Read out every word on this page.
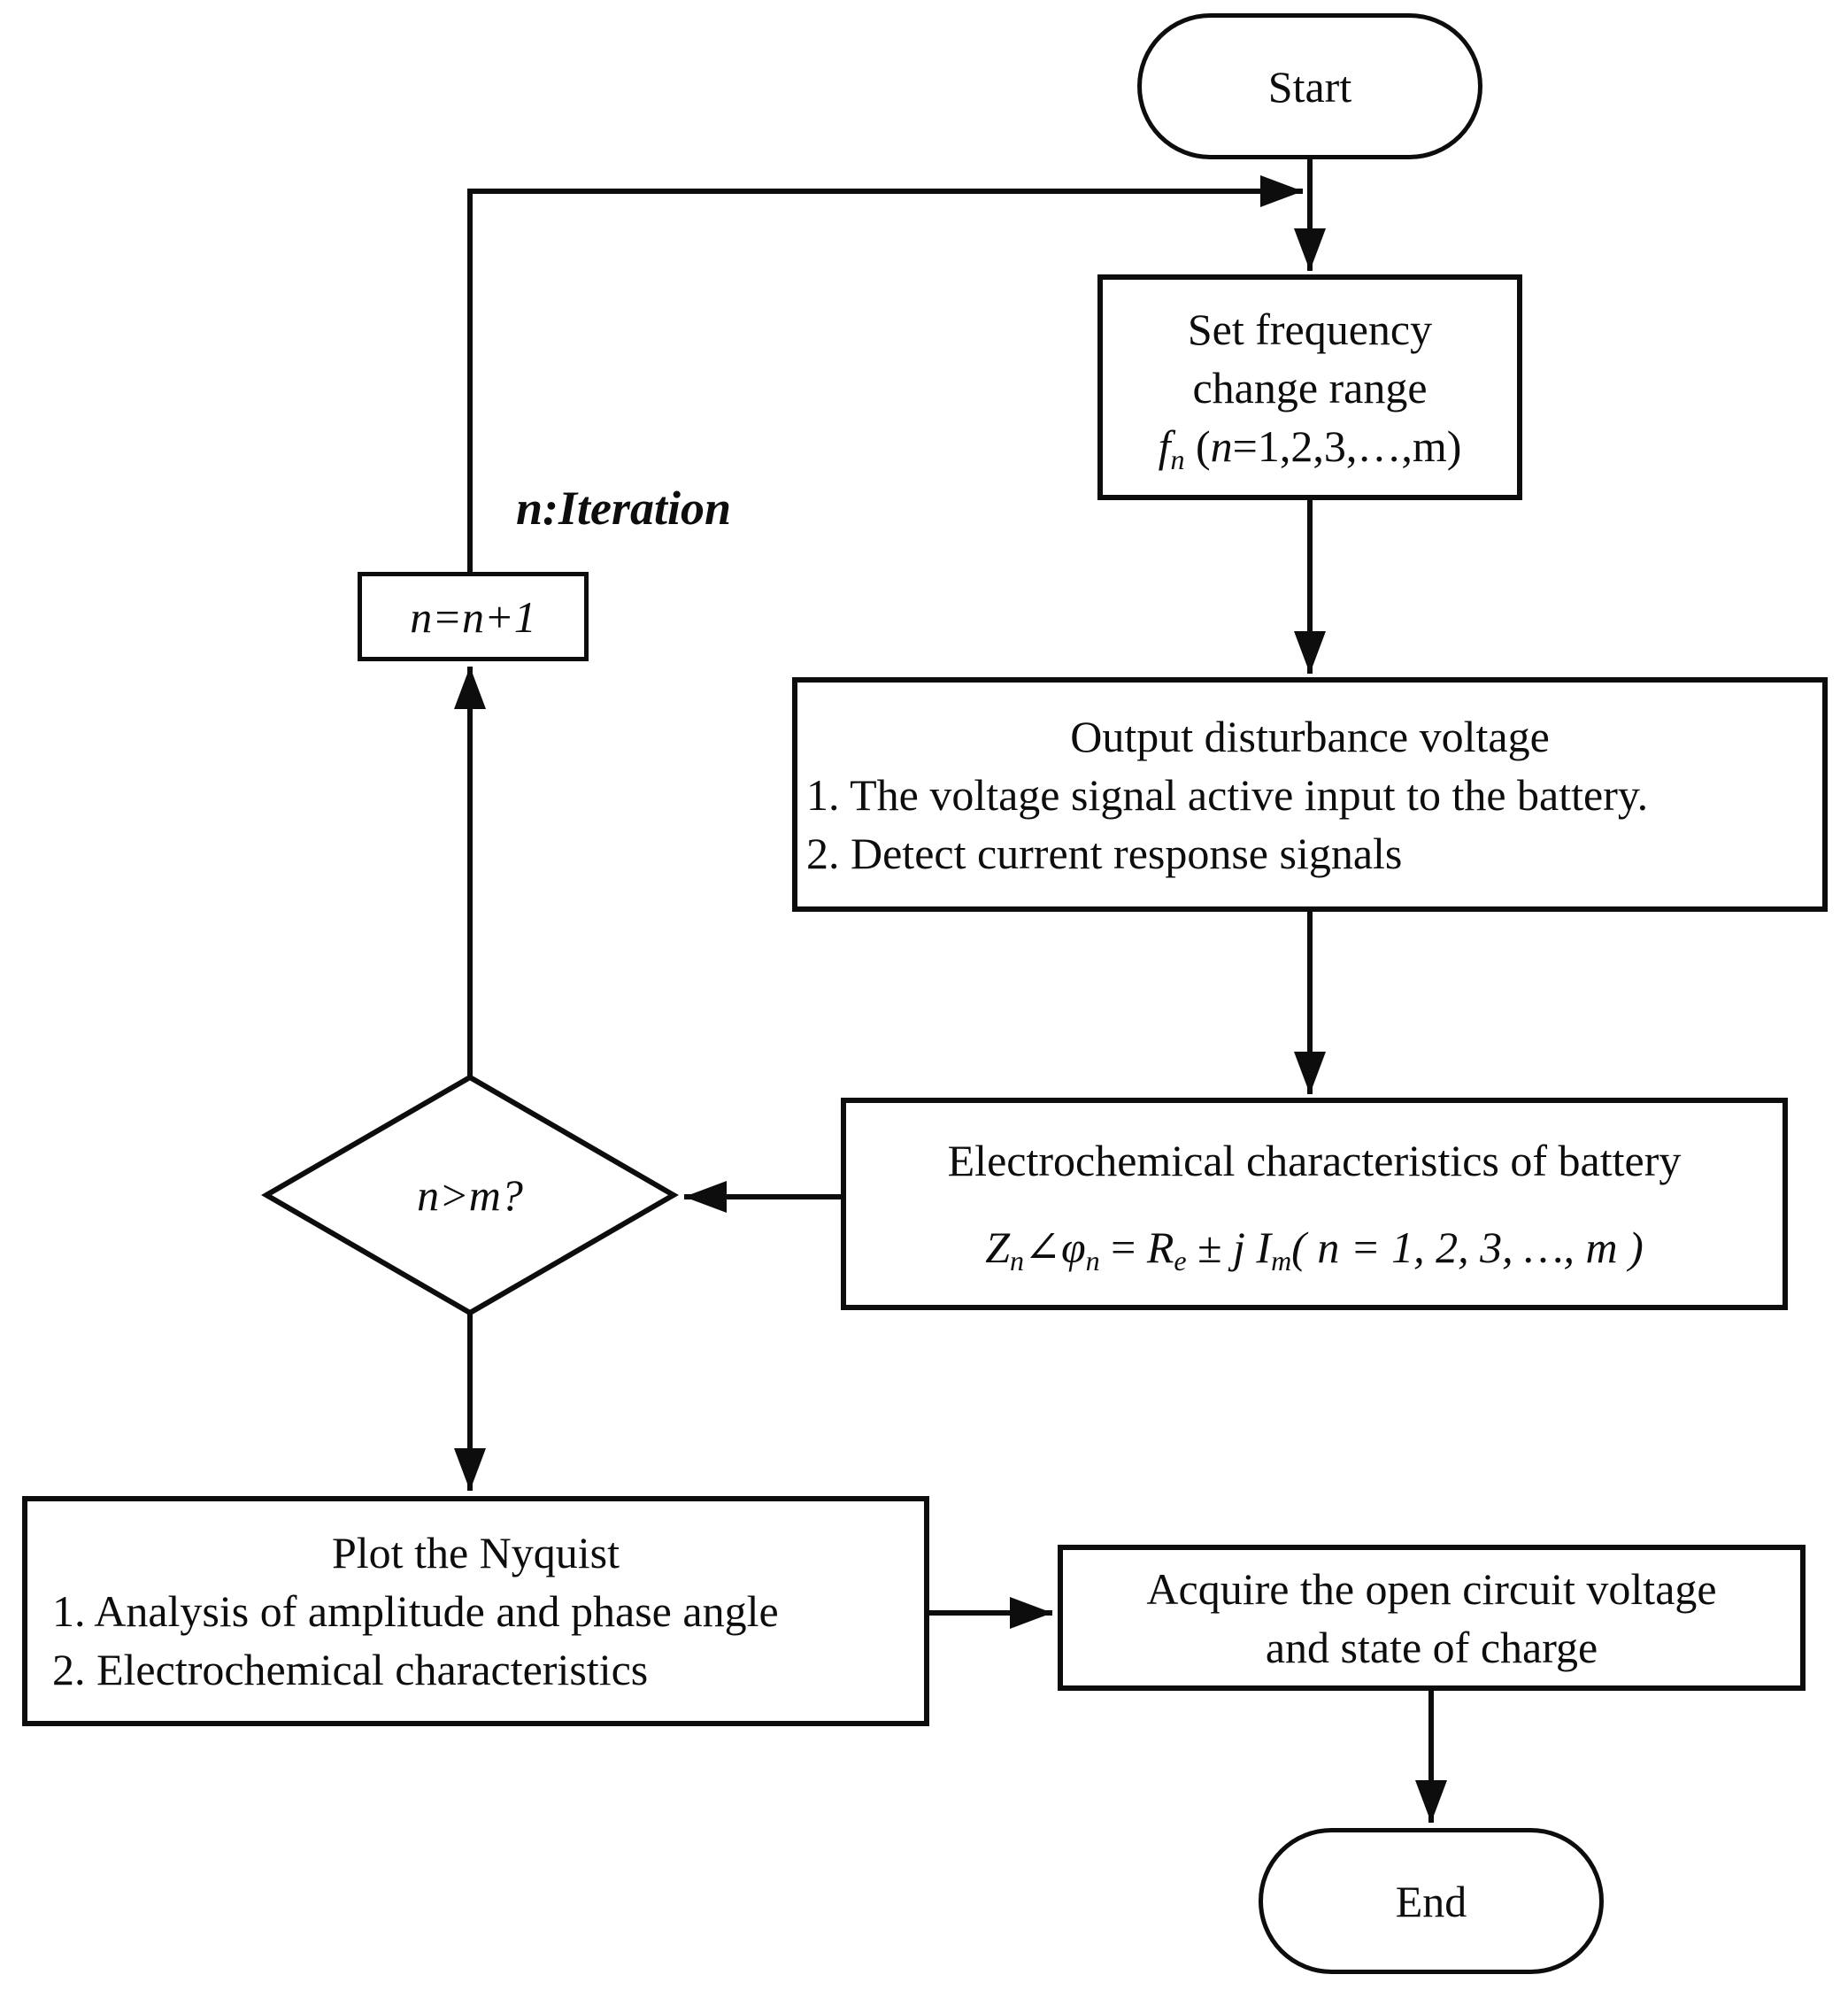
Start
Set frequency
change range
$f_n$ (n=1,2,3,…,m)
Output disturbance voltage
1. The voltage signal active input to the battery.
2. Detect current response signals
Electrochemical characteristics of battery
$Z_n\angle\varphi_n = R_e \pm j$ $I_m$( n = 1, 2, 3, …, m )
n>m?
n=n+1
n:Iteration
Plot the Nyquist
1. Analysis of amplitude and phase angle
2. Electrochemical characteristics
Acquire the open circuit voltage
and state of charge
End
